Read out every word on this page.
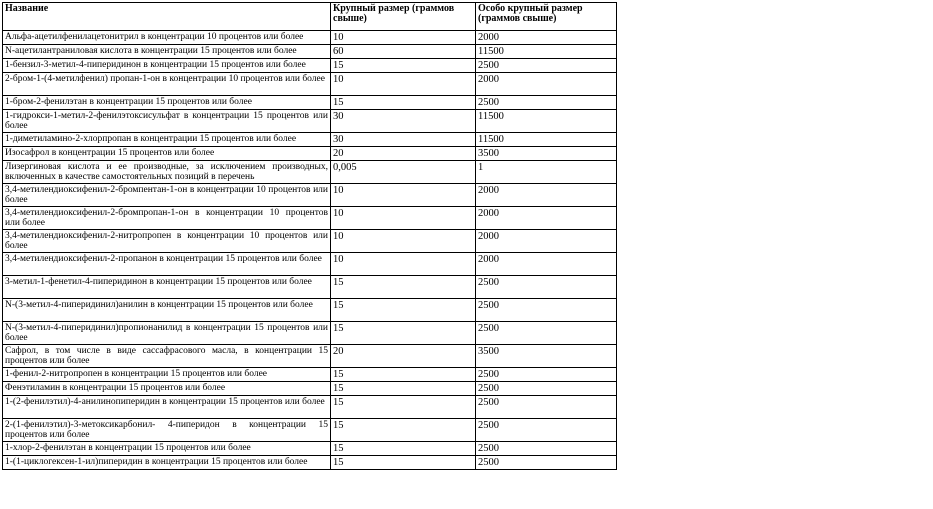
Название	Крупный размер (граммов свыше)	Особо крупный размер (граммов свыше)
Альфа-ацетилфенилацетонитрил в концентрации 10 процентов или более	10	2000
N-ацетилантраниловая кислота в концентрации 15 процентов или более	60	11500
1-бензил-3-метил-4-пиперидинон в концентрации 15 процентов или более	15	2500
2-бром-1-(4-метилфенил) пропан-1-он в концентрации 10 процентов или более	10	2000
1-бром-2-фенилэтан в концентрации 15 процентов или более	15	2500
1-гидрокси-1-метил-2-фенилэтоксисульфат в концентрации 15 процентов или более	30	11500
1-диметиламино-2-хлорпропан в концентрации 15 процентов или более	30	11500
Изосафрол в концентрации 15 процентов или более	20	3500
Лизергиновая кислота и ее производные, за исключением производных, включенных в качестве самостоятельных позиций в перечень	0,005	1
3,4-метилендиоксифенил-2-бромпентан-1-он в концентрации 10 процентов или более	10	2000
3,4-метилендиоксифенил-2-бромпропан-1-он в концентрации 10 процентов или более	10	2000
3,4-метилендиоксифенил-2-нитропропен в концентрации 10 процентов или более	10	2000
3,4-метилендиоксифенил-2-пропанон в концентрации 15 процентов или более	10	2000
3-метил-1-фенетил-4-пиперидинон в концентрации 15 процентов или более	15	2500
N-(3-метил-4-пиперидинил)анилин в концентрации 15 процентов или более	15	2500
N-(3-метил-4-пиперидинил)пропионанилид в концентрации 15 процентов или более	15	2500
Сафрол, в том числе в виде сассафрасового масла, в концентрации 15 процентов или более	20	3500
1-фенил-2-нитропропен в концентрации 15 процентов или более	15	2500
Фенэтиламин в концентрации 15 процентов или более	15	2500
1-(2-фенилэтил)-4-анилинопиперидин в концентрации 15 процентов или более	15	2500
2-(1-фенилэтил)-3-метоксикарбонил- 4-пиперидон в концентрации 15 процентов или более	15	2500
1-хлор-2-фенилэтан в концентрации 15 процентов или более	15	2500
1-(1-циклогексен-1-ил)пиперидин в концентрации 15 процентов или более	15	2500
